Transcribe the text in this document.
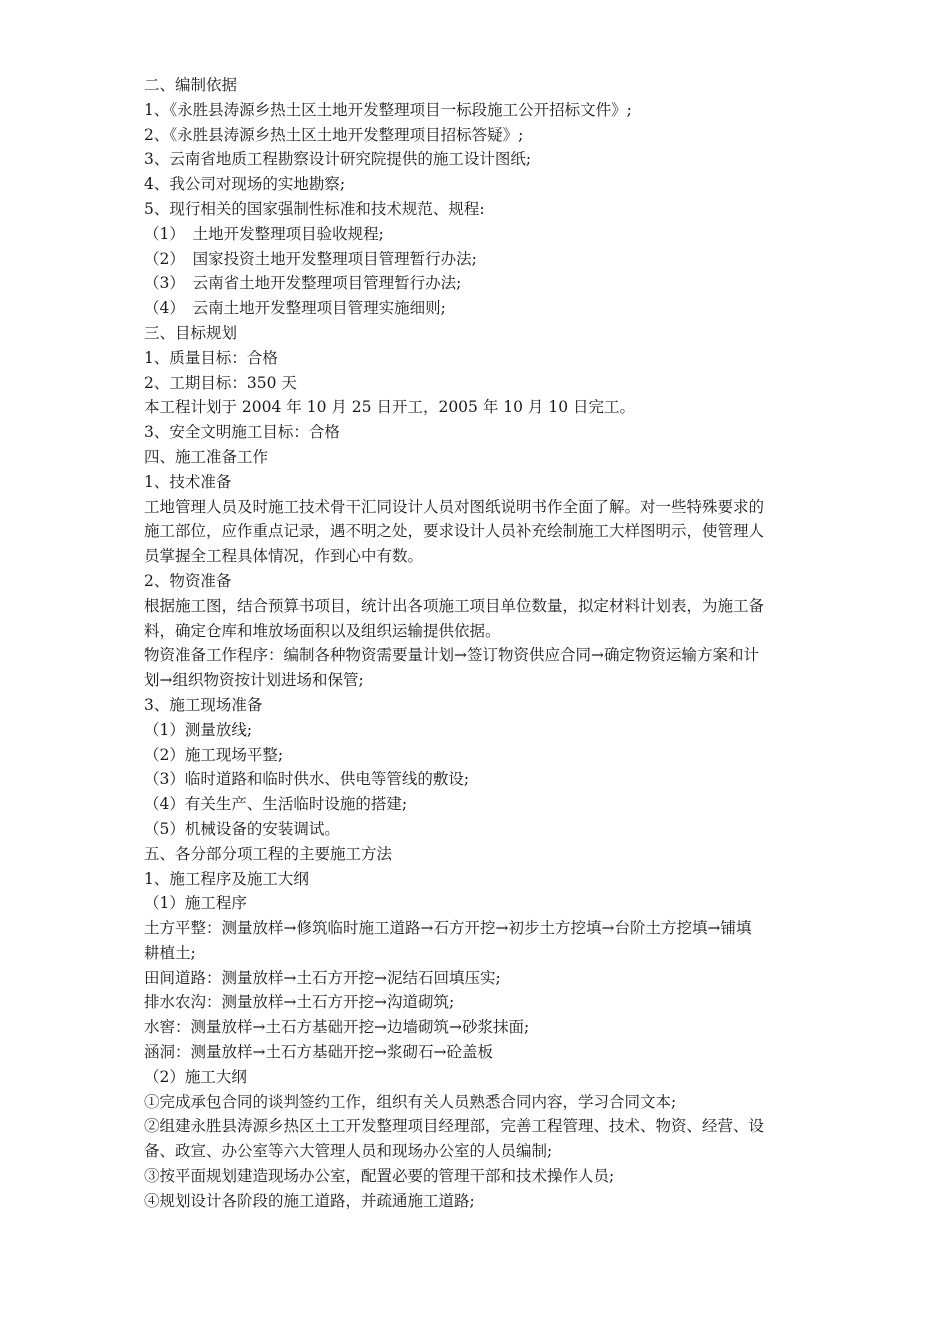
二、编制依据
1、《永胜县涛源乡热土区土地开发整理项目一标段施工公开招标文件》;
2、《永胜县涛源乡热土区土地开发整理项目招标答疑》;
3、云南省地质工程勘察设计研究院提供的施工设计图纸;
4、我公司对现场的实地勘察;
5、现行相关的国家强制性标准和技术规范、规程:
（1）　土地开发整理项目验收规程;
（2）　国家投资土地开发整理项目管理暂行办法;
（3）　云南省土地开发整理项目管理暂行办法;
（4）　云南土地开发整理项目管理实施细则;
三、目标规划
1、质量目标：合格
2、工期目标：350 天
本工程计划于 2004 年 10 月 25 日开工，2005 年 10 月 10 日完工。
3、安全文明施工目标：合格
四、施工准备工作
1、技术准备
工地管理人员及时施工技术骨干汇同设计人员对图纸说明书作全面了解。对一些特殊要求的
施工部位，应作重点记录，遇不明之处，要求设计人员补充绘制施工大样图明示，使管理人
员掌握全工程具体情况，作到心中有数。
2、物资准备
根据施工图，结合预算书项目，统计出各项施工项目单位数量，拟定材料计划表，为施工备
料，确定仓库和堆放场面积以及组织运输提供依据。
物资准备工作程序：编制各种物资需要量计划→签订物资供应合同→确定物资运输方案和计
划→组织物资按计划进场和保管;
3、施工现场准备
（1）测量放线;
（2）施工现场平整;
（3）临时道路和临时供水、供电等管线的敷设;
（4）有关生产、生活临时设施的搭建;
（5）机械设备的安装调试。
五、各分部分项工程的主要施工方法
1、施工程序及施工大纲
（1）施工程序
土方平整：测量放样→修筑临时施工道路→石方开挖→初步土方挖填→台阶土方挖填→铺填
耕植土;
田间道路：测量放样→土石方开挖→泥结石回填压实;
排水农沟：测量放样→土石方开挖→沟道砌筑;
水窖：测量放样→土石方基础开挖→边墙砌筑→砂浆抹面;
涵洞：测量放样→土石方基础开挖→浆砌石→砼盖板
（2）施工大纲
①完成承包合同的谈判签约工作，组织有关人员熟悉合同内容，学习合同文本;
②组建永胜县涛源乡热区土工开发整理项目经理部，完善工程管理、技术、物资、经营、设
备、政宣、办公室等六大管理人员和现场办公室的人员编制;
③按平面规划建造现场办公室，配置必要的管理干部和技术操作人员;
④规划设计各阶段的施工道路，并疏通施工道路;
